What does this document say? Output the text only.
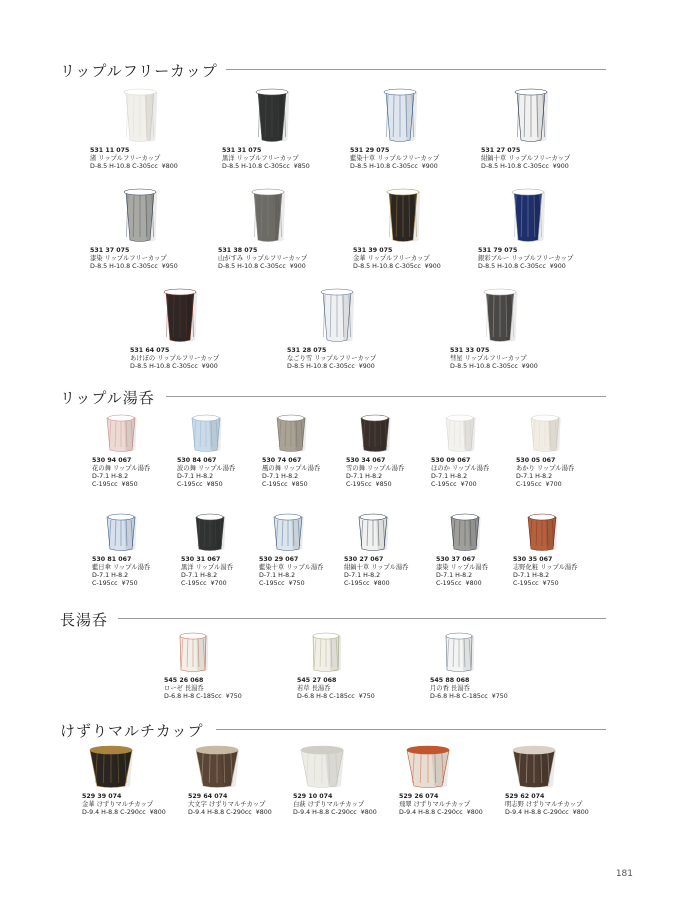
リップルフリーカップ
リップル湯呑
長湯呑
けずりマルチカップ
531 11 075
渚 リップルフリーカップ
D-8.5 H-10.8 C-305cc ¥800
531 31 075
黒洋 リップルフリーカップ
D-8.5 H-10.8 C-305cc ¥850
531 29 075
藍染十草 リップルフリーカップ
D-8.5 H-10.8 C-305cc ¥900
531 27 075
紺鎬十草 リップルフリーカップ
D-8.5 H-10.8 C-305cc ¥900
531 37 075
漆染 リップルフリーカップ
D-8.5 H-10.8 C-305cc ¥950
531 38 075
山がすみ リップルフリーカップ
D-8.5 H-10.8 C-305cc ¥900
531 39 075
金華 リップルフリーカップ
D-8.5 H-10.8 C-305cc ¥900
531 79 075
銀彩ブルー リップルフリーカップ
D-8.5 H-10.8 C-305cc ¥900
531 64 075
あけぼの リップルフリーカップ
D-8.5 H-10.8 C-305cc ¥900
531 28 075
なごり雪 リップルフリーカップ
D-8.5 H-10.8 C-305cc ¥900
531 33 075
彗星 リップルフリーカップ
D-8.5 H-10.8 C-305cc ¥900
530 94 067
花の舞 リップル湯呑
D-7.1 H-8.2
C-195cc ¥850
530 84 067
波の舞 リップル湯呑
D-7.1 H-8.2
C-195cc ¥850
530 74 067
風の舞 リップル湯呑
D-7.1 H-8.2
C-195cc ¥850
530 34 067
雪の舞 リップル湯呑
D-7.1 H-8.2
C-195cc ¥850
530 09 067
ほのか リップル湯呑
D-7.1 H-8.2
C-195cc ¥700
530 05 067
あかり リップル湯呑
D-7.1 H-8.2
C-195cc ¥700
530 81 067
藍日傘 リップル湯呑
D-7.1 H-8.2
C-195cc ¥750
530 31 067
黒洋 リップル湯呑
D-7.1 H-8.2
C-195cc ¥700
530 29 067
藍染十草 リップル湯呑
D-7.1 H-8.2
C-195cc ¥750
530 27 067
紺鎬十草 リップル湯呑
D-7.1 H-8.2
C-195cc ¥800
530 37 067
漆染 リップル湯呑
D-7.1 H-8.2
C-195cc ¥800
530 35 067
志野化粧 リップル湯呑
D-7.1 H-8.2
C-195cc ¥750
545 26 068
ローゼ 長湯呑
D-6.8 H-8 C-185cc ¥750
545 27 068
若草 長湯呑
D-6.8 H-8 C-185cc ¥750
545 88 068
月の香 長湯呑
D-6.8 H-8 C-185cc ¥750
529 39 074
金華 けずりマルチカップ
D-9.4 H-8.8 C-290cc ¥800
529 64 074
大文字 けずりマルチカップ
D-9.4 H-8.8 C-290cc ¥800
529 10 074
白萩 けずりマルチカップ
D-9.4 H-8.8 C-290cc ¥800
529 26 074
飛翠 けずりマルチカップ
D-9.4 H-8.8 C-290cc ¥800
529 62 074
明志野 けずりマルチカップ
D-9.4 H-8.8 C-290cc ¥800
181
